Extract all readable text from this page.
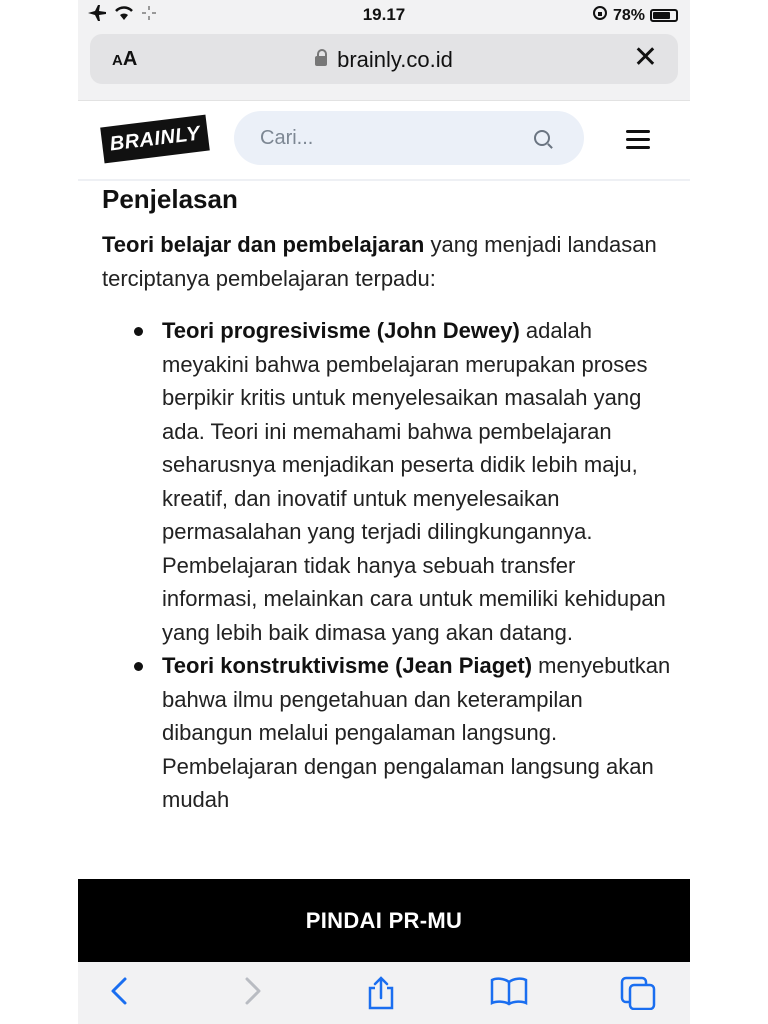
19.17	78%
AA	brainly.co.id	✕
BRAINLY	Cari...
Penjelasan

Teori belajar dan pembelajaran yang menjadi landasan terciptanya pembelajaran terpadu:

Teori progresivisme (John Dewey) adalah meyakini bahwa pembelajaran merupakan proses berpikir kritis untuk menyelesaikan masalah yang ada. Teori ini memahami bahwa pembelajaran seharusnya menjadikan peserta didik lebih maju, kreatif, dan inovatif untuk menyelesaikan permasalahan yang terjadi dilingkungannya. Pembelajaran tidak hanya sebuah transfer informasi, melainkan cara untuk memiliki kehidupan yang lebih baik dimasa yang akan datang.
Teori konstruktivisme (Jean Piaget) menyebutkan bahwa ilmu pengetahuan dan keterampilan dibangun melalui pengalaman langsung. Pembelajaran dengan pengalaman langsung akan mudah
PINDAI PR-MU
